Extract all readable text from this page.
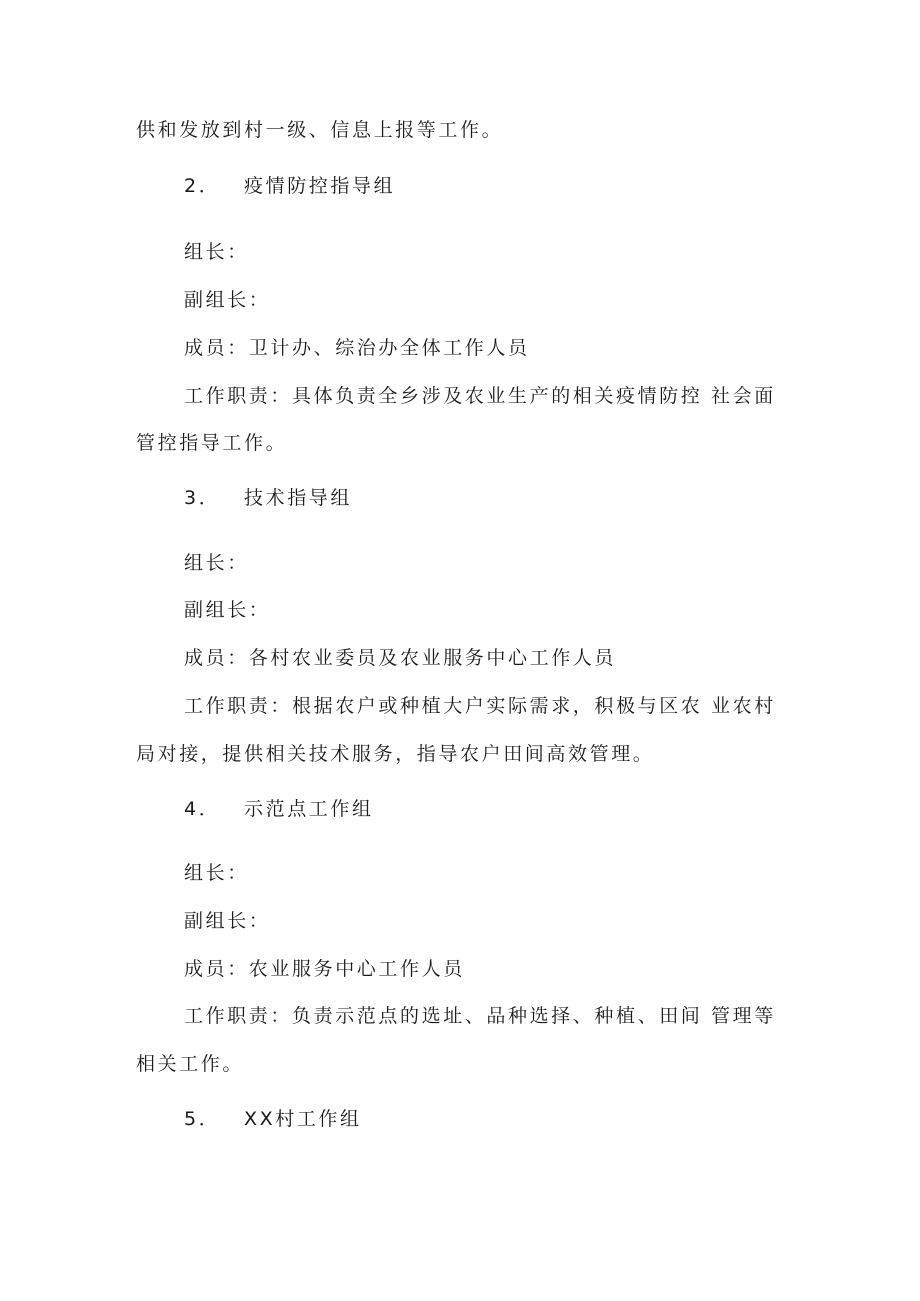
供和发放到村一级、信息上报等工作。
2． 疫情防控指导组
组长：
副组长：
成员：卫计办、综治办全体工作人员
工作职责：具体负责全乡涉及农业生产的相关疫情防控 社会面
管控指导工作。
3． 技术指导组
组长：
副组长：
成员：各村农业委员及农业服务中心工作人员
工作职责：根据农户或种植大户实际需求，积极与区农 业农村
局对接，提供相关技术服务，指导农户田间高效管理。
4． 示范点工作组
组长：
副组长：
成员：农业服务中心工作人员
工作职责：负责示范点的选址、品种选择、种植、田间 管理等
相关工作。
5． XX村工作组
